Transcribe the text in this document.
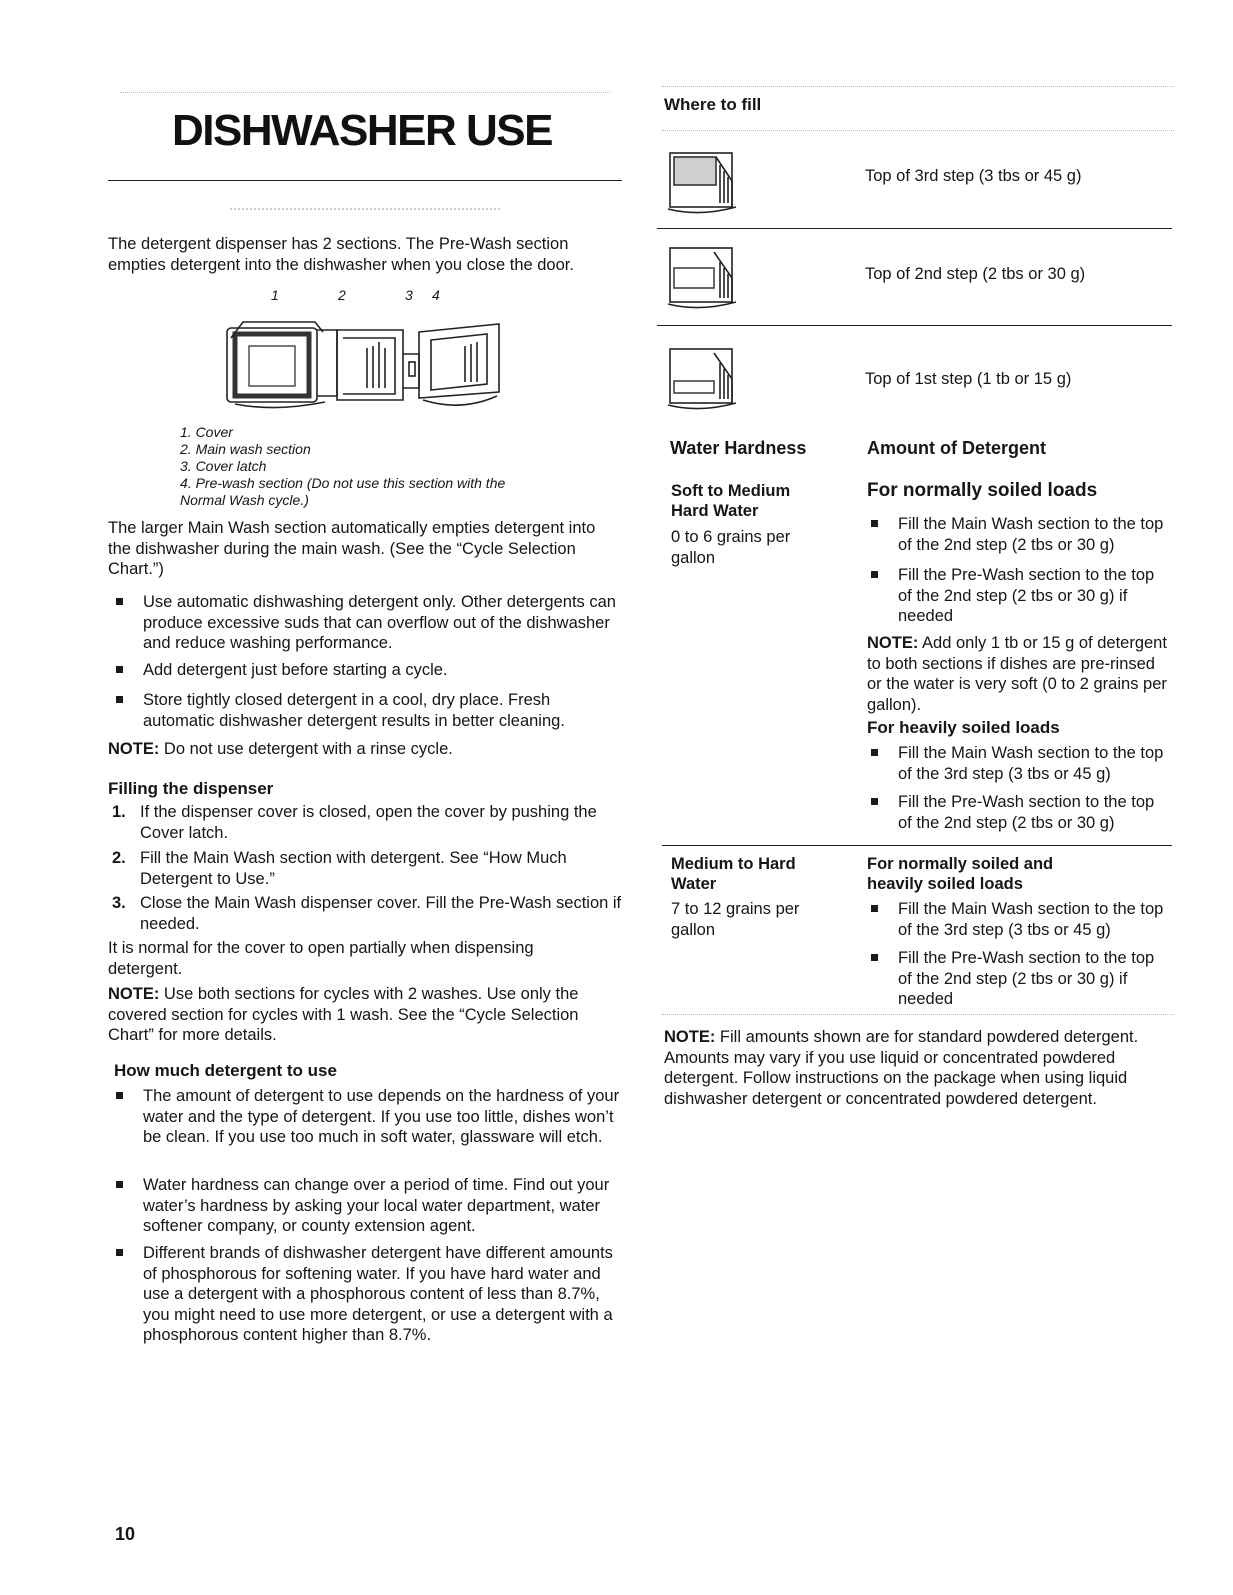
DISHWASHER USE
The detergent dispenser has 2 sections. The Pre-Wash section empties detergent into the dishwasher when you close the door.
1	2	3 4
1. Cover
2. Main wash section
3. Cover latch
4. Pre-wash section (Do not use this section with the Normal Wash cycle.)
The larger Main Wash section automatically empties detergent into the dishwasher during the main wash. (See the “Cycle Selection Chart.”)
Use automatic dishwashing detergent only. Other detergents can produce excessive suds that can overflow out of the dishwasher and reduce washing performance.
Add detergent just before starting a cycle.
Store tightly closed detergent in a cool, dry place. Fresh automatic dishwasher detergent results in better cleaning.
NOTE: Do not use detergent with a rinse cycle.
Filling the dispenser
1. If the dispenser cover is closed, open the cover by pushing the Cover latch.
2. Fill the Main Wash section with detergent. See “How Much Detergent to Use.”
3. Close the Main Wash dispenser cover. Fill the Pre-Wash section if needed.
It is normal for the cover to open partially when dispensing detergent.
NOTE: Use both sections for cycles with 2 washes. Use only the covered section for cycles with 1 wash. See the “Cycle Selection Chart” for more details.
How much detergent to use
The amount of detergent to use depends on the hardness of your water and the type of detergent. If you use too little, dishes won’t be clean. If you use too much in soft water, glassware will etch.
Water hardness can change over a period of time. Find out your water’s hardness by asking your local water department, water softener company, or county extension agent.
Different brands of dishwasher detergent have different amounts of phosphorous for softening water. If you have hard water and use a detergent with a phosphorous content of less than 8.7%, you might need to use more detergent, or use a detergent with a phosphorous content higher than 8.7%.
10
Where to fill
Top of 3rd step (3 tbs or 45 g)
Top of 2nd step (2 tbs or 30 g)
Top of 1st step (1 tb or 15 g)
Water Hardness	Amount of Detergent
Soft to Medium Hard Water
0 to 6 grains per gallon
For normally soiled loads
Fill the Main Wash section to the top of the 2nd step (2 tbs or 30 g)
Fill the Pre-Wash section to the top of the 2nd step (2 tbs or 30 g) if needed
NOTE: Add only 1 tb or 15 g of detergent to both sections if dishes are pre-rinsed or the water is very soft (0 to 2 grains per gallon).
For heavily soiled loads
Fill the Main Wash section to the top of the 3rd step (3 tbs or 45 g)
Fill the Pre-Wash section to the top of the 2nd step (2 tbs or 30 g)
Medium to Hard Water
7 to 12 grains per gallon
For normally soiled and heavily soiled loads
Fill the Main Wash section to the top of the 3rd step (3 tbs or 45 g)
Fill the Pre-Wash section to the top of the 2nd step (2 tbs or 30 g) if needed
NOTE: Fill amounts shown are for standard powdered detergent. Amounts may vary if you use liquid or concentrated powdered detergent. Follow instructions on the package when using liquid dishwasher detergent or concentrated powdered detergent.
